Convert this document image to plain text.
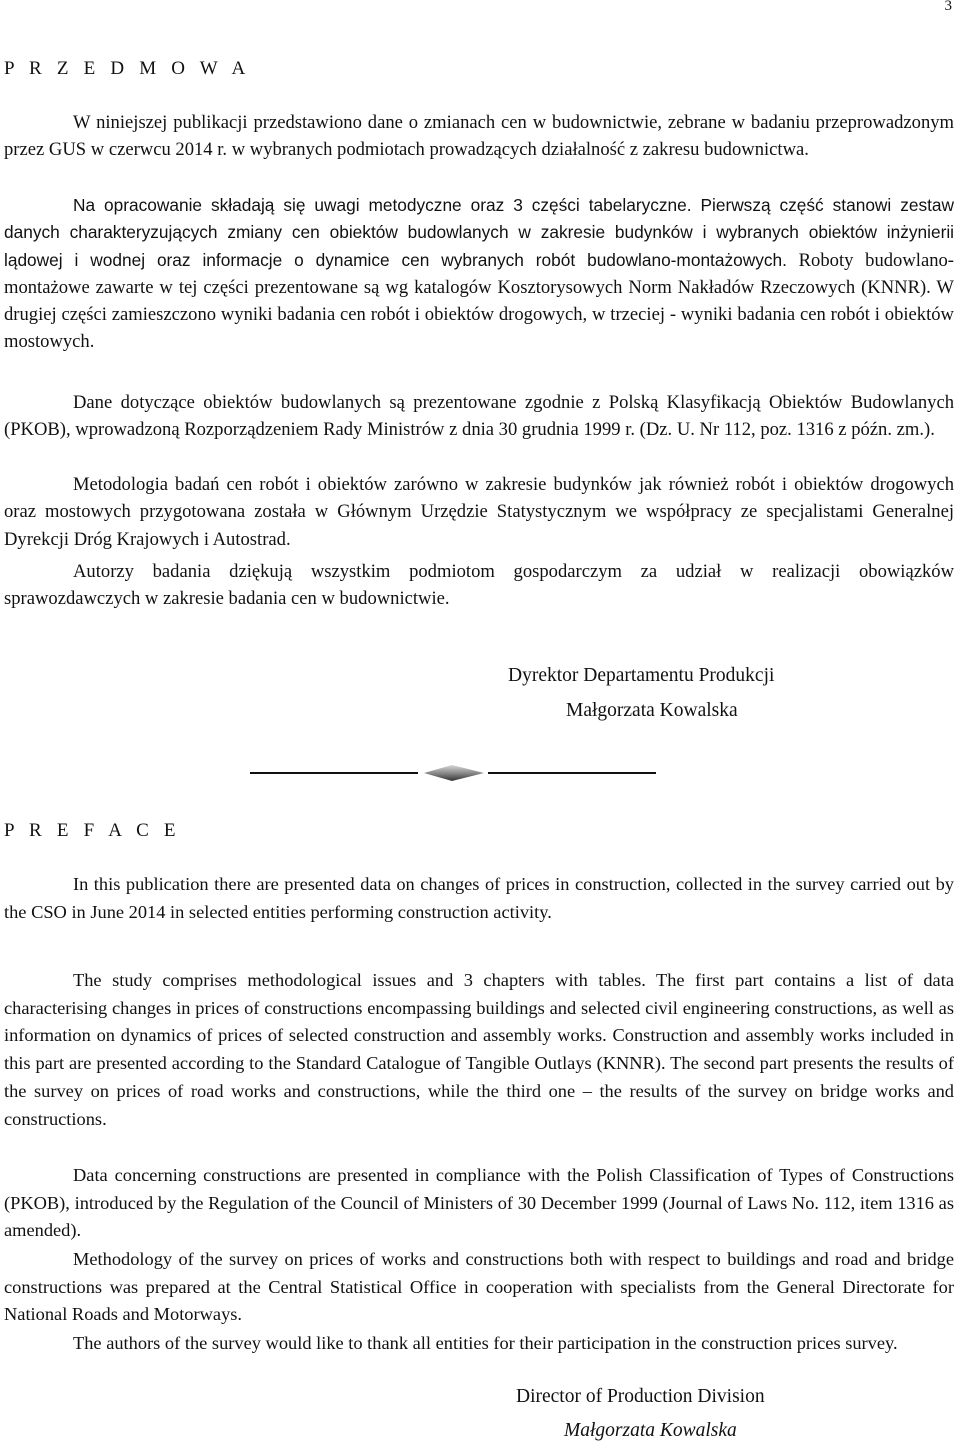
3
P R Z E D M O W A

W niniejszej publikacji przedstawiono dane o zmianach cen w budownictwie, zebrane w badaniu przeprowadzonym przez GUS w czerwcu 2014 r. w wybranych podmiotach prowadzących działalność z zakresu budownictwa.

Na opracowanie składają się uwagi metodyczne oraz 3 części tabelaryczne. Pierwszą część stanowi zestaw danych charakteryzujących zmiany cen obiektów budowlanych w zakresie budynków i wybranych obiektów inżynierii lądowej i wodnej oraz informacje o dynamice cen wybranych robót budowlano-montażowych. Roboty budowlano-montażowe zawarte w tej części prezentowane są wg katalogów Kosztorysowych Norm Nakładów Rzeczowych (KNNR). W drugiej części zamieszczono wyniki badania cen robót i obiektów drogowych, w trzeciej - wyniki badania cen robót i obiektów mostowych.

Dane dotyczące obiektów budowlanych są prezentowane zgodnie z Polską Klasyfikacją Obiektów Budowlanych (PKOB), wprowadzoną Rozporządzeniem Rady Ministrów z dnia 30 grudnia 1999 r. (Dz. U. Nr 112, poz. 1316 z późn. zm.).

Metodologia badań cen robót i obiektów zarówno w zakresie budynków jak również robót i obiektów drogowych oraz mostowych przygotowana została w Głównym Urzędzie Statystycznym we współpracy ze specjalistami Generalnej Dyrekcji Dróg Krajowych i Autostrad.

Autorzy badania dziękują wszystkim podmiotom gospodarczym za udział w realizacji obowiązków sprawozdawczych w zakresie badania cen w budownictwie.

Dyrektor Departamentu Produkcji
Małgorzata Kowalska
P R E F A C E

In this publication there are presented data on changes of prices in construction, collected in the survey carried out by the CSO in June 2014 in selected entities performing construction activity.

The study comprises methodological issues and 3 chapters with tables. The first part contains a list of data characterising changes in prices of constructions encompassing buildings and selected civil engineering constructions, as well as information on dynamics of prices of selected construction and assembly works. Construction and assembly works included in this part are presented according to the Standard Catalogue of Tangible Outlays (KNNR). The second part presents the results of the survey on prices of road works and constructions, while the third one – the results of the survey on bridge works and constructions.

Data concerning constructions are presented in compliance with the Polish Classification of Types of Constructions (PKOB), introduced by the Regulation of the Council of Ministers of 30 December 1999 (Journal of Laws No. 112, item 1316 as amended).

Methodology of the survey on prices of works and constructions both with respect to buildings and road and bridge constructions was prepared at the Central Statistical Office in cooperation with specialists from the General Directorate for National Roads and Motorways.

The authors of the survey would like to thank all entities for their participation in the construction prices survey.

Director of Production Division
Małgorzata Kowalska
